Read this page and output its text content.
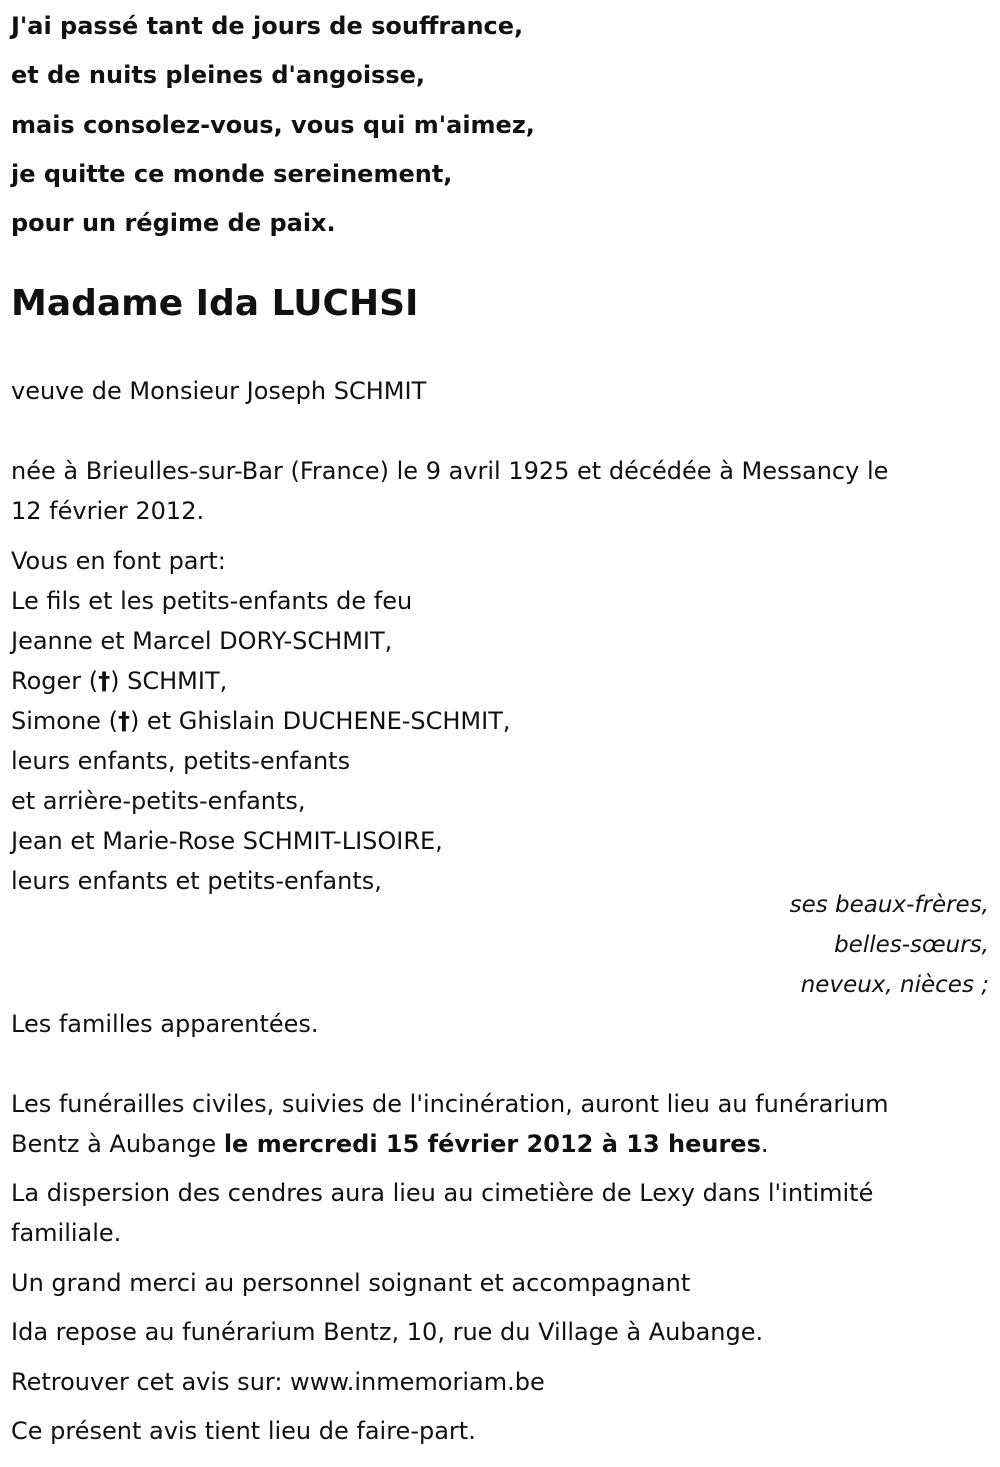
J'ai passé tant de jours de souffrance,
et de nuits pleines d'angoisse,
mais consolez-vous, vous qui m'aimez,
je quitte ce monde sereinement,
pour un régime de paix.
Madame Ida LUCHSI
veuve de Monsieur Joseph SCHMIT
née à Brieulles-sur-Bar (France) le 9 avril 1925 et décédée à Messancy le
12 février 2012.
Vous en font part:
Le fils et les petits-enfants de feu
Jeanne et Marcel DORY-SCHMIT,
Roger (†) SCHMIT,
Simone (†) et Ghislain DUCHENE-SCHMIT,
leurs enfants, petits-enfants
et arrière-petits-enfants,
Jean et Marie-Rose SCHMIT-LISOIRE,
leurs enfants et petits-enfants,
ses beaux-frères,
belles-sœurs,
neveux, nièces ;
Les familles apparentées.
Les funérailles civiles, suivies de l'incinération, auront lieu au funérarium
Bentz à Aubange le mercredi 15 février 2012 à 13 heures.
La dispersion des cendres aura lieu au cimetière de Lexy dans l'intimité
familiale.
Un grand merci au personnel soignant et accompagnant
Ida repose au funérarium Bentz, 10, rue du Village à Aubange.
Retrouver cet avis sur: www.inmemoriam.be
Ce présent avis tient lieu de faire-part.
